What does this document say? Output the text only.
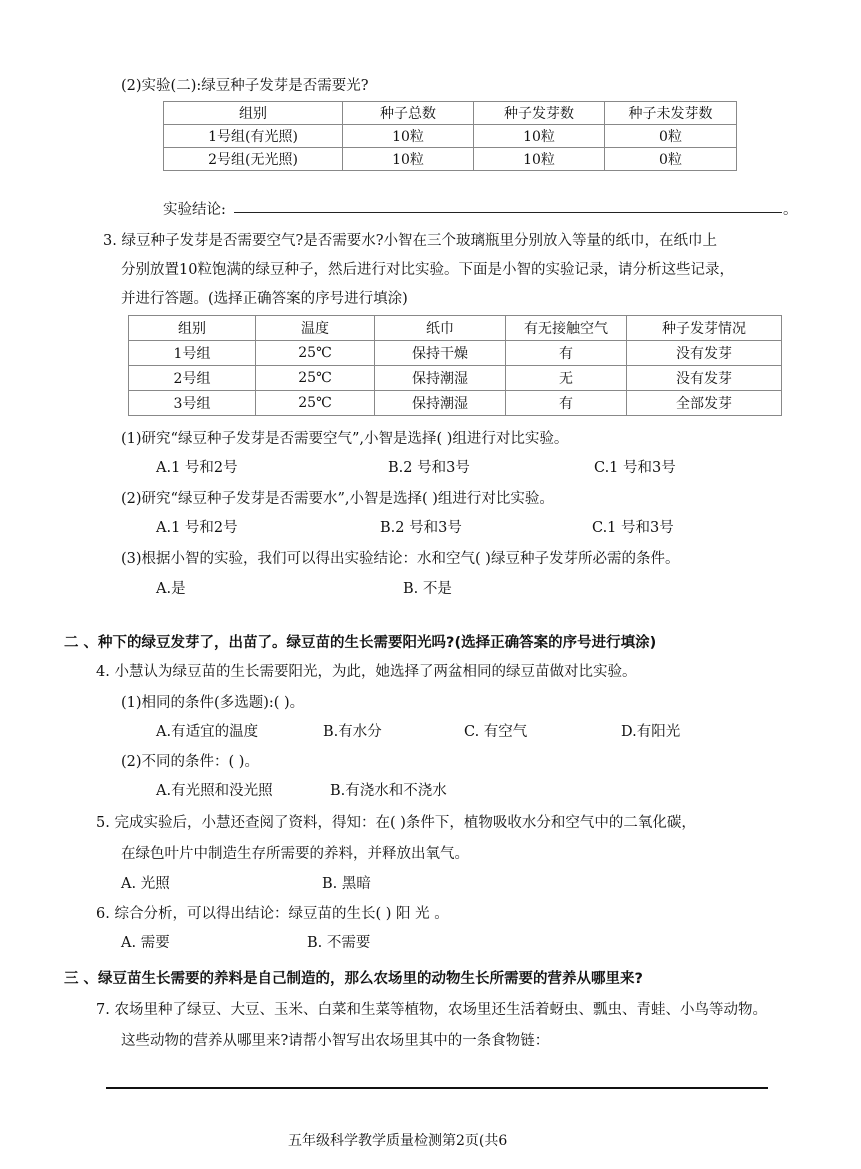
(2)实验(二):绿豆种子发芽是否需要光?
组别	种子总数	种子发芽数	种子未发芽数
1号组(有光照)	10粒	10粒	0粒
2号组(无光照)	10粒	10粒	0粒
实验结论:	。
3. 绿豆种子发芽是否需要空气?是否需要水?小智在三个玻璃瓶里分别放入等量的纸巾，在纸巾上
分别放置10粒饱满的绿豆种子，然后进行对比实验。下面是小智的实验记录，请分析这些记录，
并进行答题。(选择正确答案的序号进行填涂)
组别	温度	纸巾	有无接触空气	种子发芽情况
1号组	25℃	保持干燥	有	没有发芽
2号组	25℃	保持潮湿	无	没有发芽
3号组	25℃	保持潮湿	有	全部发芽
(1)研究“绿豆种子发芽是否需要空气”,小智是选择( )组进行对比实验。
A.1 号和2号	B.2 号和3号	C.1 号和3号
(2)研究“绿豆种子发芽是否需要水”,小智是选择( )组进行对比实验。
A.1 号和2号	B.2 号和3号	C.1 号和3号
(3)根据小智的实验，我们可以得出实验结论：水和空气( )绿豆种子发芽所必需的条件。
A.是	B. 不是
二 、种下的绿豆发芽了，出苗了。绿豆苗的生长需要阳光吗?(选择正确答案的序号进行填涂)
4. 小慧认为绿豆苗的生长需要阳光，为此，她选择了两盆相同的绿豆苗做对比实验。
(1)相同的条件(多选题):( )。
A.有适宜的温度	B.有水分	C. 有空气	D.有阳光
(2)不同的条件：( )。
A.有光照和没光照	B.有浇水和不浇水
5. 完成实验后，小慧还查阅了资料，得知：在( )条件下，植物吸收水分和空气中的二氧化碳，
在绿色叶片中制造生存所需要的养料，并释放出氧气。
A. 光照	B. 黑暗
6. 综合分析，可以得出结论：绿豆苗的生长( ) 阳 光 。
A. 需要	B. 不需要
三 、绿豆苗生长需要的养料是自己制造的，那么农场里的动物生长所需要的营养从哪里来?
7. 农场里种了绿豆、大豆、玉米、白菜和生菜等植物，农场里还生活着蚜虫、瓢虫、青蛙、小鸟等动物。
这些动物的营养从哪里来?请帮小智写出农场里其中的一条食物链：
五年级科学教学质量检测第2页(共6
